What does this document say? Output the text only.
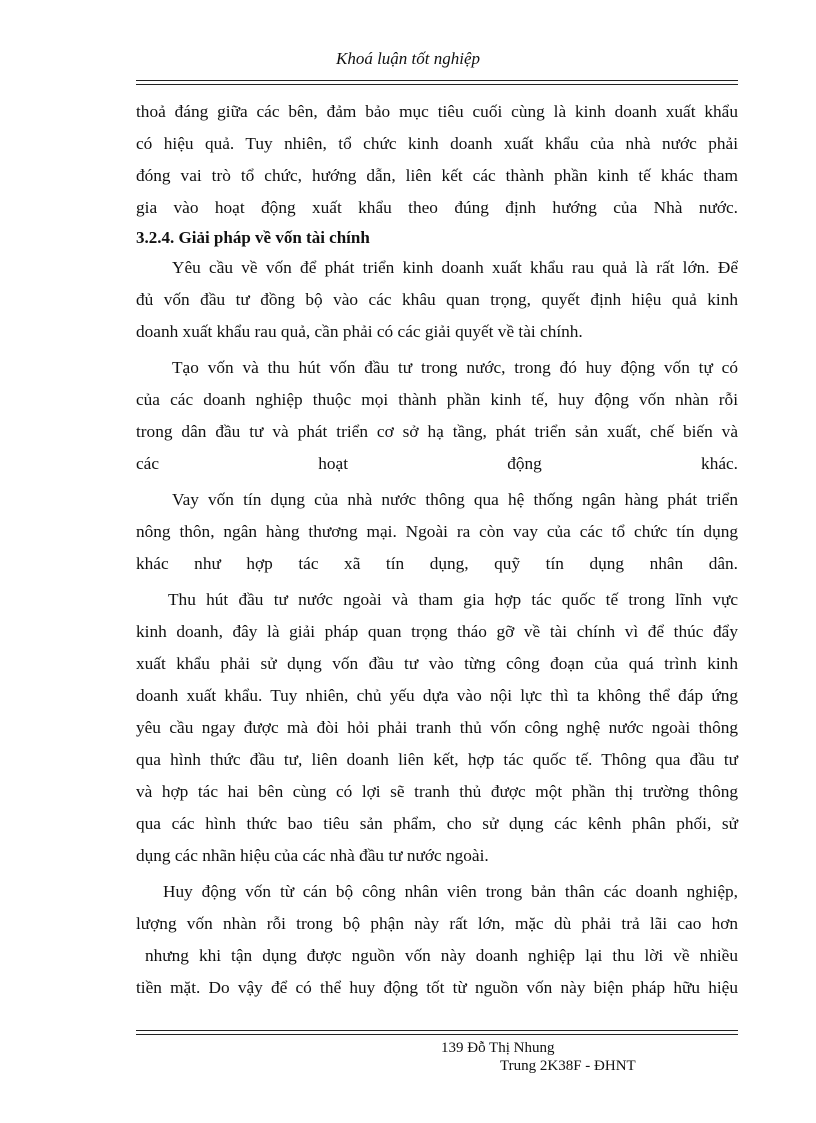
Khoá luận tốt nghiệp
thoả đáng giữa các bên, đảm bảo mục tiêu cuối cùng là kinh doanh xuất khẩu
có hiệu quả. Tuy nhiên, tổ chức kinh doanh xuất khẩu của nhà nước phải
đóng vai trò tổ chức, hướng dẫn, liên kết các thành phần kinh tế khác tham
gia vào hoạt động xuất khẩu theo đúng định hướng của Nhà nước.
3.2.4. Giải pháp về vốn tài chính
Yêu cầu về vốn để phát triển kinh doanh xuất khẩu rau quả là rất lớn. Để
đủ vốn đầu tư đồng bộ vào các khâu quan trọng, quyết định hiệu quả kinh
doanh xuất khẩu rau quả, cần phải có các giải quyết về tài chính.
Tạo vốn và thu hút vốn đầu tư trong nước, trong đó huy động vốn tự có
của các doanh nghiệp thuộc mọi thành phần kinh tế, huy động vốn nhàn rỗi
trong dân đầu tư và phát triển cơ sở hạ tầng, phát triển sản xuất, chế biến và
các hoạt động khác.
Vay vốn tín dụng của nhà nước thông qua hệ thống ngân hàng phát triển
nông thôn, ngân hàng thương mại. Ngoài ra còn vay của các tổ chức tín dụng
khác như hợp tác xã tín dụng, quỹ tín dụng nhân dân.
Thu hút đầu tư nước ngoài và tham gia hợp tác quốc tế trong lĩnh vực
kinh doanh, đây là giải pháp quan trọng tháo gỡ về tài chính vì để thúc đẩy
xuất khẩu phải sử dụng vốn đầu tư vào từng công đoạn của quá trình kinh
doanh xuất khẩu. Tuy nhiên, chủ yếu dựa vào nội lực thì ta không thể đáp ứng
yêu cầu ngay được mà đòi hỏi phải tranh thủ vốn công nghệ nước ngoài thông
qua hình thức đầu tư, liên doanh liên kết, hợp tác quốc tế. Thông qua đầu tư
và hợp tác hai bên cùng có lợi sẽ tranh thủ được một phần thị trường thông
qua các hình thức bao tiêu sản phẩm, cho sử dụng các kênh phân phối, sử
dụng các nhãn hiệu của các nhà đầu tư nước ngoài.
Huy động vốn từ cán bộ công nhân viên trong bản thân các doanh nghiệp,
lượng vốn nhàn rỗi trong bộ phận này rất lớn, mặc dù phải trả lãi cao hơn
nhưng khi tận dụng được nguồn vốn này doanh nghiệp lại thu lời về nhiều
tiền mặt. Do vậy để có thể huy động tốt từ nguồn vốn này biện pháp hữu hiệu
139 Đỗ Thị Nhung
Trung 2K38F - ĐHNT
